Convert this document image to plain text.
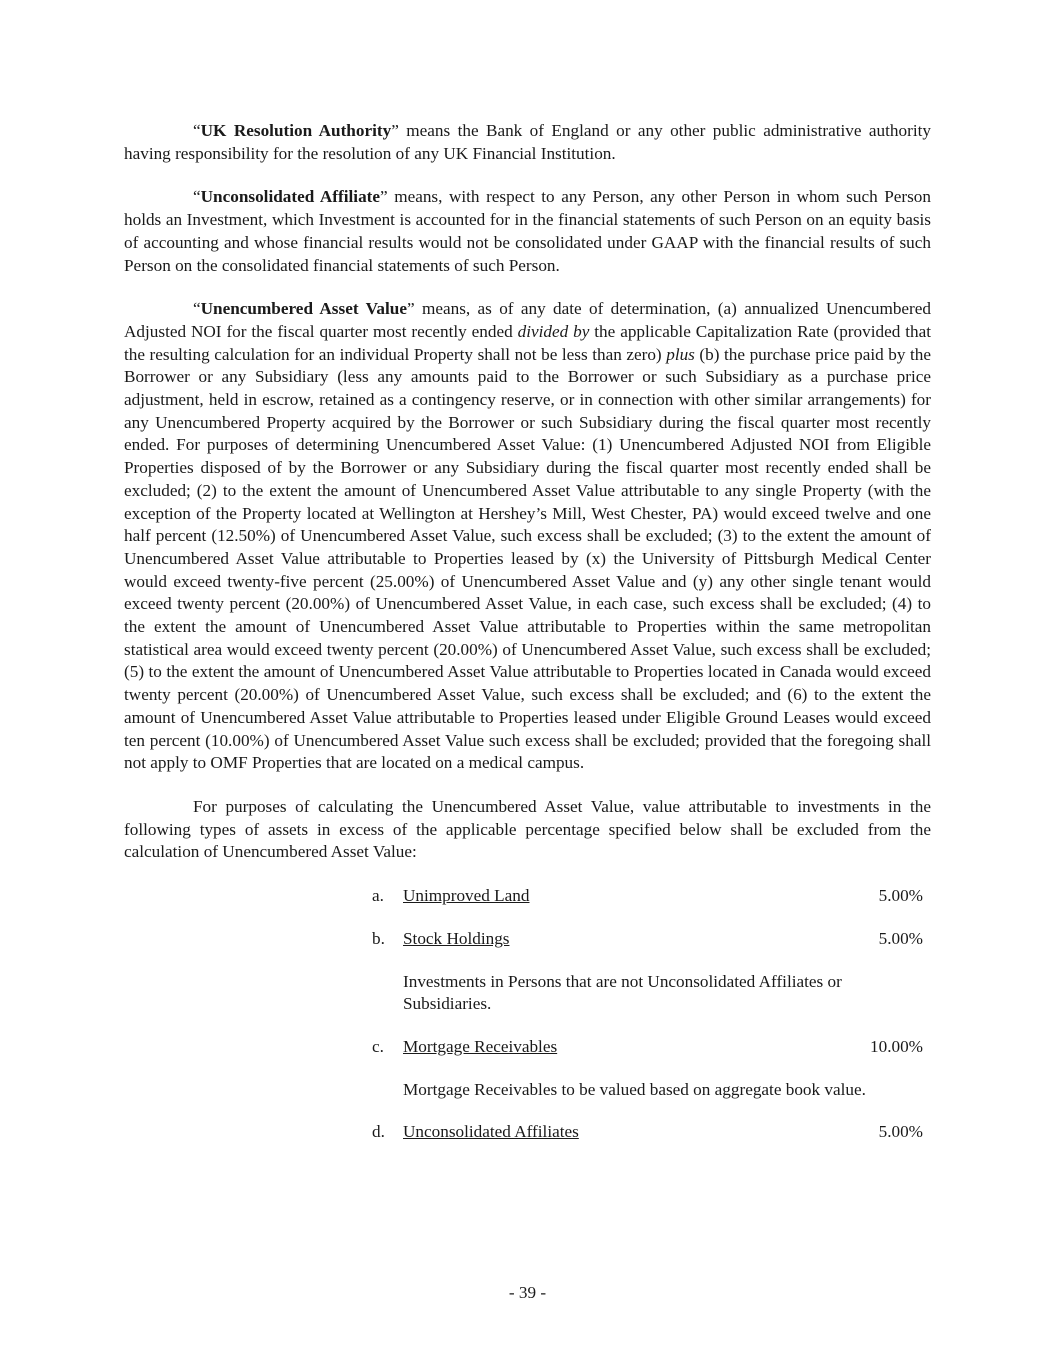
“UK Resolution Authority” means the Bank of England or any other public administrative authority having responsibility for the resolution of any UK Financial Institution.

“Unconsolidated Affiliate” means, with respect to any Person, any other Person in whom such Person holds an Investment, which Investment is accounted for in the financial statements of such Person on an equity basis of accounting and whose financial results would not be consolidated under GAAP with the financial results of such Person on the consolidated financial statements of such Person.

“Unencumbered Asset Value” means, as of any date of determination, (a) annualized Unencumbered Adjusted NOI for the fiscal quarter most recently ended divided by the applicable Capitalization Rate (provided that the resulting calculation for an individual Property shall not be less than zero) plus (b) the purchase price paid by the Borrower or any Subsidiary (less any amounts paid to the Borrower or such Subsidiary as a purchase price adjustment, held in escrow, retained as a contingency reserve, or in connection with other similar arrangements) for any Unencumbered Property acquired by the Borrower or such Subsidiary during the fiscal quarter most recently ended. For purposes of determining Unencumbered Asset Value: (1) Unencumbered Adjusted NOI from Eligible Properties disposed of by the Borrower or any Subsidiary during the fiscal quarter most recently ended shall be excluded; (2) to the extent the amount of Unencumbered Asset Value attributable to any single Property (with the exception of the Property located at Wellington at Hershey’s Mill, West Chester, PA) would exceed twelve and one half percent (12.50%) of Unencumbered Asset Value, such excess shall be excluded; (3) to the extent the amount of Unencumbered Asset Value attributable to Properties leased by (x) the University of Pittsburgh Medical Center would exceed twenty-five percent (25.00%) of Unencumbered Asset Value and (y) any other single tenant would exceed twenty percent (20.00%) of Unencumbered Asset Value, in each case, such excess shall be excluded; (4) to the extent the amount of Unencumbered Asset Value attributable to Properties within the same metropolitan statistical area would exceed twenty percent (20.00%) of Unencumbered Asset Value, such excess shall be excluded; (5) to the extent the amount of Unencumbered Asset Value attributable to Properties located in Canada would exceed twenty percent (20.00%) of Unencumbered Asset Value, such excess shall be excluded; and (6) to the extent the amount of Unencumbered Asset Value attributable to Properties leased under Eligible Ground Leases would exceed ten percent (10.00%) of Unencumbered Asset Value such excess shall be excluded; provided that the foregoing shall not apply to OMF Properties that are located on a medical campus.

For purposes of calculating the Unencumbered Asset Value, value attributable to investments in the following types of assets in excess of the applicable percentage specified below shall be excluded from the calculation of Unencumbered Asset Value:

a.	Unimproved Land	5.00%
b.	Stock Holdings	5.00%
Investments in Persons that are not Unconsolidated Affiliates or Subsidiaries.
c.	Mortgage Receivables	10.00%
Mortgage Receivables to be valued based on aggregate book value.
d.	Unconsolidated Affiliates	5.00%
- 39 -
